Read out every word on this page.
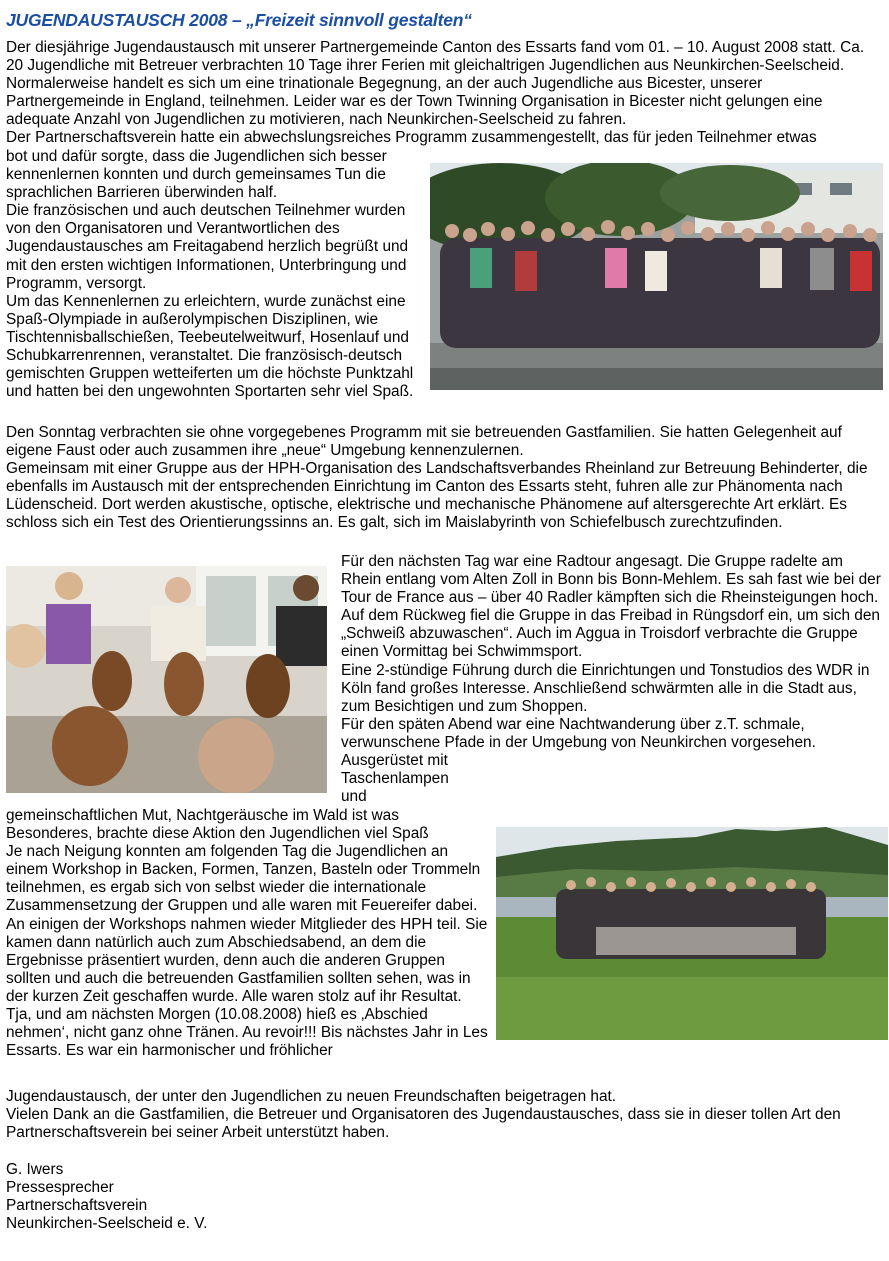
JUGENDAUSTAUSCH 2008 – „Freizeit sinnvoll gestalten“

Der diesjährige Jugendaustausch mit unserer Partnergemeinde Canton des Essarts fand vom 01. – 10. August 2008 statt. Ca. 20 Jugendliche mit Betreuer verbrachten 10 Tage ihrer Ferien mit gleichaltrigen Jugendlichen aus Neunkirchen-Seelscheid. Normalerweise handelt es sich um eine trinationale Begegnung, an der auch Jugendliche aus Bicester, unserer Partnergemeinde in England, teilnehmen. Leider war es der Town Twinning Organisation in Bicester nicht gelungen eine adequate Anzahl von Jugendlichen zu motivieren, nach Neunkirchen-Seelscheid zu fahren.

Der Partnerschaftsverein hatte ein abwechslungsreiches Programm zusammengestellt, das für jeden Teilnehmer etwas

bot und dafür sorgte, dass die Jugendlichen sich besser kennenlernen konnten und durch gemeinsames Tun die sprachlichen Barrieren überwinden half.

Die französischen und auch deutschen Teilnehmer wurden von den Organisatoren und Verantwortlichen des Jugendaustausches am Freitagabend herzlich begrüßt und mit den ersten wichtigen Informationen, Unterbringung und Programm, versorgt.

Um das Kennenlernen zu erleichtern, wurde zunächst eine Spaß-Olympiade in außerolympischen Disziplinen, wie Tischtennisballschießen, Teebeutelweitwurf, Hosenlauf und Schubkarrenrennen, veranstaltet. Die französisch-deutsch gemischten Gruppen wetteiferten um die höchste Punktzahl und hatten bei den ungewohnten Sportarten sehr viel Spaß.

Den Sonntag verbrachten sie ohne vorgegebenes Programm mit sie betreuenden Gastfamilien. Sie hatten Gelegenheit auf eigene Faust oder auch zusammen ihre „neue“ Umgebung kennenzulernen.

Gemeinsam mit einer Gruppe aus der HPH-Organisation des Landschaftsverbandes Rheinland zur Betreuung Behinderter, die ebenfalls im Austausch mit der entsprechenden Einrichtung im Canton des Essarts steht, fuhren alle zur Phänomenta nach Lüdenscheid. Dort werden akustische, optische, elektrische und mechanische Phänomene auf altersgerechte Art erklärt. Es schloss sich ein Test des Orientierungssinns an. Es galt, sich im Maislabyrinth von Schiefelbusch zurechtzufinden.

Für den nächsten Tag war eine Radtour angesagt. Die Gruppe radelte am Rhein entlang vom Alten Zoll in Bonn bis Bonn-Mehlem. Es sah fast wie bei der Tour de France aus – über 40 Radler kämpften sich die Rheinsteigungen hoch. Auf dem Rückweg fiel die Gruppe in das Freibad in Rüngsdorf ein, um sich den „Schweiß abzuwaschen“. Auch im Aggua in Troisdorf verbrachte die Gruppe einen Vormittag bei Schwimmsport.

Eine 2-stündige Führung durch die Einrichtungen und Tonstudios des WDR in Köln fand großes Interesse. Anschließend schwärmten alle in die Stadt aus, zum Besichtigen und zum Shoppen.

Für den späten Abend war eine Nachtwanderung über z.T. schmale, verwunschene Pfade in der Umgebung von Neunkirchen vorgesehen.

Ausgerüstet mit

Taschenlampen

und

gemeinschaftlichen Mut, Nachtgeräusche im Wald ist was Besonderes, brachte diese Aktion den Jugendlichen viel Spaß

Je nach Neigung konnten am folgenden Tag die Jugendlichen an einem Workshop in Backen, Formen, Tanzen, Basteln oder Trommeln teilnehmen, es ergab sich von selbst wieder die internationale Zusammensetzung der Gruppen und alle waren mit Feuereifer dabei. An einigen der Workshops nahmen wieder Mitglieder des HPH teil. Sie kamen dann natürlich auch zum Abschiedsabend, an dem die Ergebnisse präsentiert wurden, denn auch die anderen Gruppen sollten und auch die betreuenden Gastfamilien sollten sehen, was in der kurzen Zeit geschaffen wurde. Alle waren stolz auf ihr Resultat.

Tja, und am nächsten Morgen (10.08.2008) hieß es ‚Abschied nehmen‘, nicht ganz ohne Tränen. Au revoir!!! Bis nächstes Jahr in Les Essarts. Es war ein harmonischer und fröhlicher

Jugendaustausch, der unter den Jugendlichen zu neuen Freundschaften beigetragen hat.

Vielen Dank an die Gastfamilien, die Betreuer und Organisatoren des Jugendaustausches, dass sie in dieser tollen Art den Partnerschaftsverein bei seiner Arbeit unterstützt haben.

G. Iwers

Pressesprecher

Partnerschaftsverein

Neunkirchen-Seelscheid e. V.
